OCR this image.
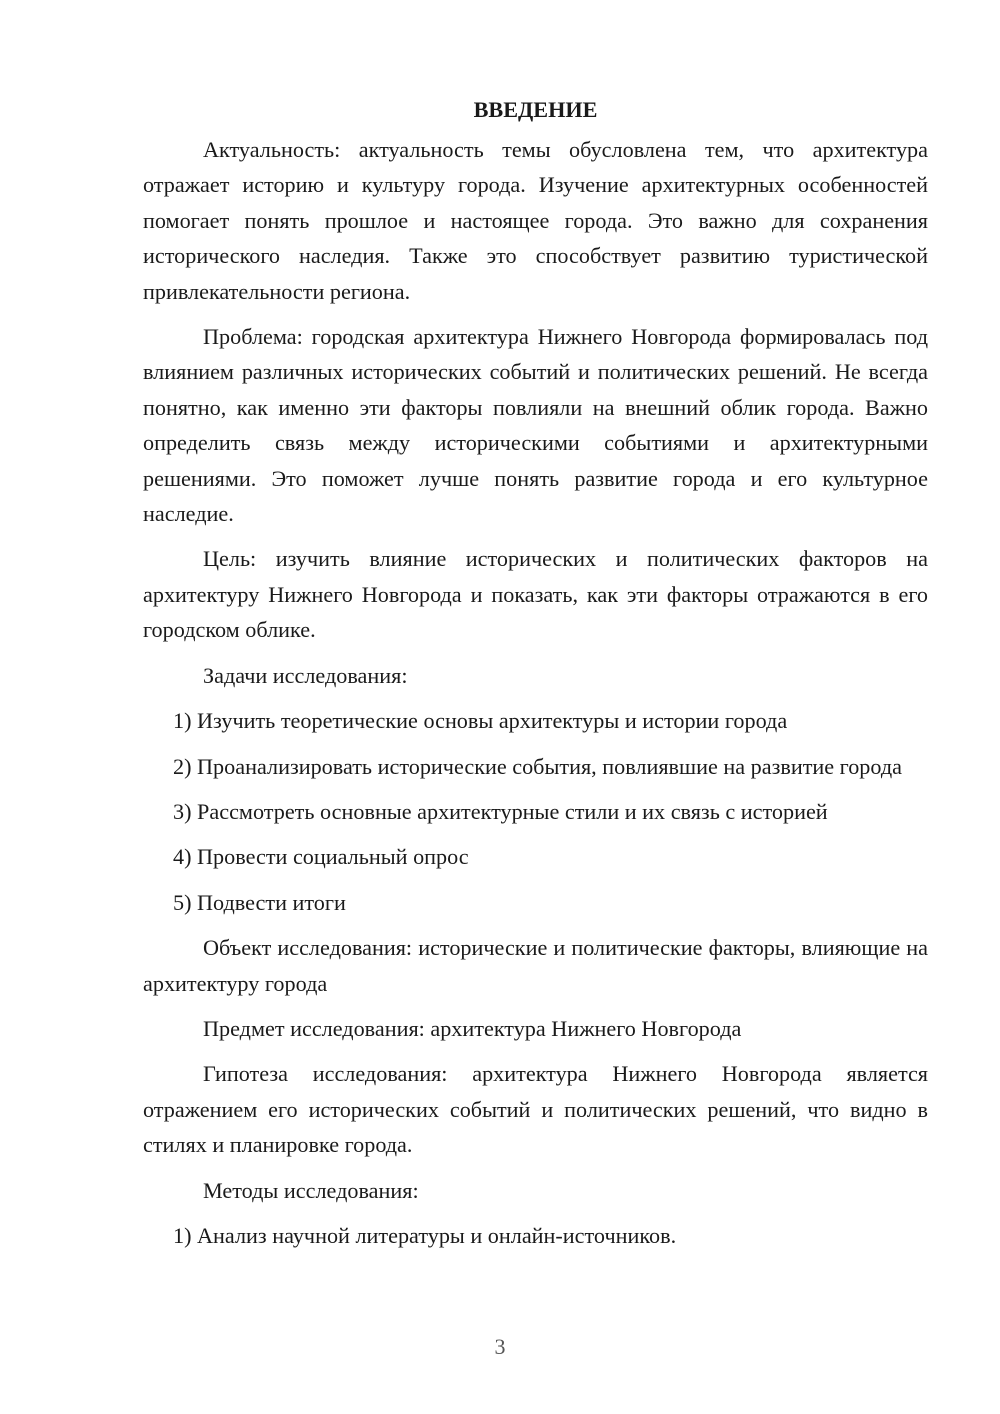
ВВЕДЕНИЕ

Актуальность: актуальность темы обусловлена тем, что архитектура отражает историю и культуру города. Изучение архитектурных особенностей помогает понять прошлое и настоящее города. Это важно для сохранения исторического наследия. Также это способствует развитию туристической привлекательности региона.

Проблема: городская архитектура Нижнего Новгорода формировалась под влиянием различных исторических событий и политических решений. Не всегда понятно, как именно эти факторы повлияли на внешний облик города. Важно определить связь между историческими событиями и архитектурными решениями. Это поможет лучше понять развитие города и его культурное наследие.

Цель: изучить влияние исторических и политических факторов на архитектуру Нижнего Новгорода и показать, как эти факторы отражаются в его городском облике.

Задачи исследования:

1) Изучить теоретические основы архитектуры и истории города

2) Проанализировать исторические события, повлиявшие на развитие города

3) Рассмотреть основные архитектурные стили и их связь с историей

4) Провести социальный опрос

5) Подвести итоги

Объект исследования: исторические и политические факторы, влияющие на архитектуру города

Предмет исследования: архитектура Нижнего Новгорода

Гипотеза исследования: архитектура Нижнего Новгорода является отражением его исторических событий и политических решений, что видно в стилях и планировке города.

Методы исследования:

1) Анализ научной литературы и онлайн-источников.

3
